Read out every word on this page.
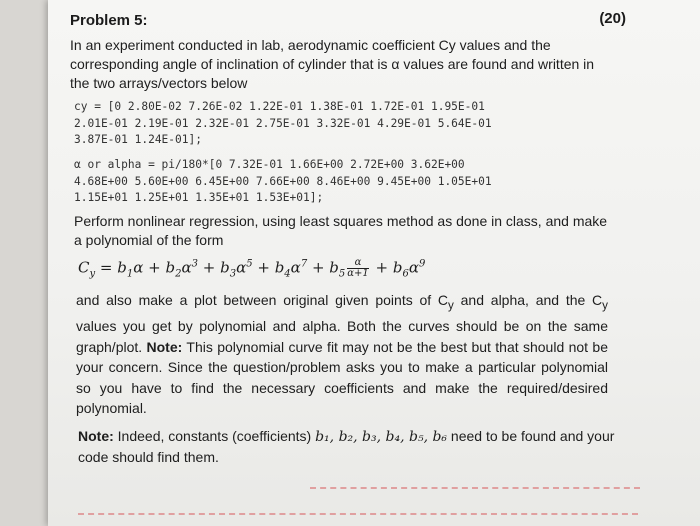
Problem 5:	(20)
In an experiment conducted in lab, aerodynamic coefficient Cy values and the corresponding angle of inclination of cylinder that is α values are found and written in the two arrays/vectors below
cy = [0 2.80E-02 7.26E-02 1.22E-01 1.38E-01 1.72E-01 1.95E-01
2.01E-01 2.19E-01 2.32E-01 2.75E-01 3.32E-01 4.29E-01 5.64E-01
3.87E-01 1.24E-01];
α or alpha = pi/180*[0 7.32E-01 1.66E+00 2.72E+00 3.62E+00
4.68E+00 5.60E+00 6.45E+00 7.66E+00 8.46E+00 9.45E+00 1.05E+01
1.15E+01 1.25E+01 1.35E+01 1.53E+01];
Perform nonlinear regression, using least squares method as done in class, and make a polynomial of the form
$C_y = b_1\alpha + b_2\alpha^3 + b_3\alpha^5 + b_4\alpha^7 + b_5 \frac{\alpha}{\alpha+1} + b_6\alpha^9$
and also make a plot between original given points of $C_y$ and alpha, and the $C_y$ values you get by polynomial and alpha. Both the curves should be on the same graph/plot. Note: This polynomial curve fit may not be the best but that should not be your concern. Since the question/problem asks you to make a particular polynomial so you have to find the necessary coefficients and make the required/desired polynomial.
Note: Indeed, constants (coefficients) b₁, b₂, b₃, b₄, b₅, b₆ need to be found and your code should find them.
